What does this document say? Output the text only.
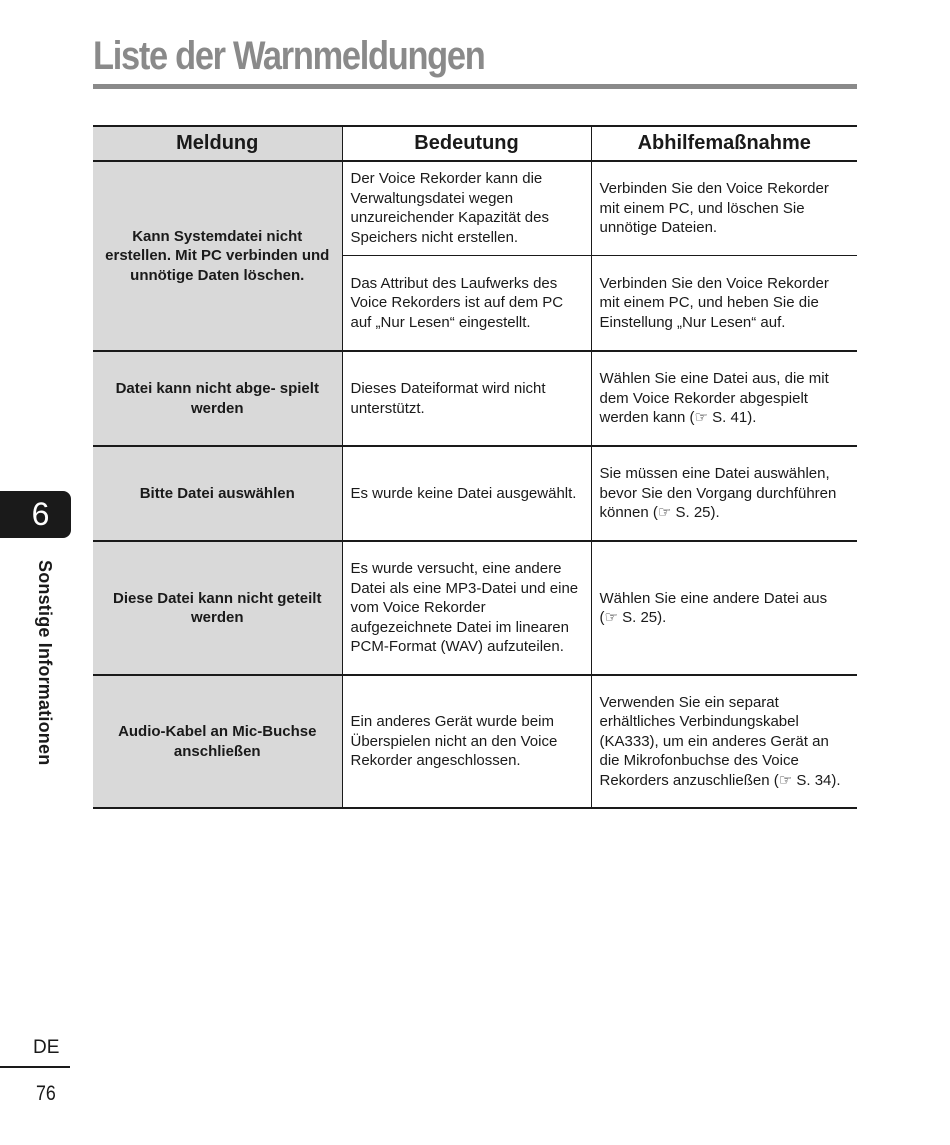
Liste der Warnmeldungen
Meldung	Bedeutung	Abhilfemaßnahme
Kann Systemdatei nicht erstellen. Mit PC verbinden und unnötige Daten löschen.	Der Voice Rekorder kann die Verwaltungsdatei wegen unzureichender Kapazität des Speichers nicht erstellen.	Verbinden Sie den Voice Rekorder mit einem PC, und löschen Sie unnötige Dateien.
	Das Attribut des Laufwerks des Voice Rekorders ist auf dem PC auf „Nur Lesen“ eingestellt.	Verbinden Sie den Voice Rekorder mit einem PC, und heben Sie die Einstellung „Nur Lesen“ auf.
Datei kann nicht abge- spielt werden	Dieses Dateiformat wird nicht unterstützt.	Wählen Sie eine Datei aus, die mit dem Voice Rekorder abgespielt werden kann (☞ S. 41).
Bitte Datei auswählen	Es wurde keine Datei ausgewählt.	Sie müssen eine Datei auswählen, bevor Sie den Vorgang durchführen können (☞ S. 25).
Diese Datei kann nicht geteilt werden	Es wurde versucht, eine andere Datei als eine MP3-Datei und eine vom Voice Rekorder aufgezeichnete Datei im linearen PCM-Format (WAV) aufzuteilen.	Wählen Sie eine andere Datei aus (☞ S. 25).
Audio-Kabel an Mic-Buchse anschließen	Ein anderes Gerät wurde beim Überspielen nicht an den Voice Rekorder angeschlossen.	Verwenden Sie ein separat erhältliches Verbindungskabel (KA333), um ein anderes Gerät an die Mikrofonbuchse des Voice Rekorders anzuschließen (☞ S. 34).
6
Sonstige Informationen
DE
76
